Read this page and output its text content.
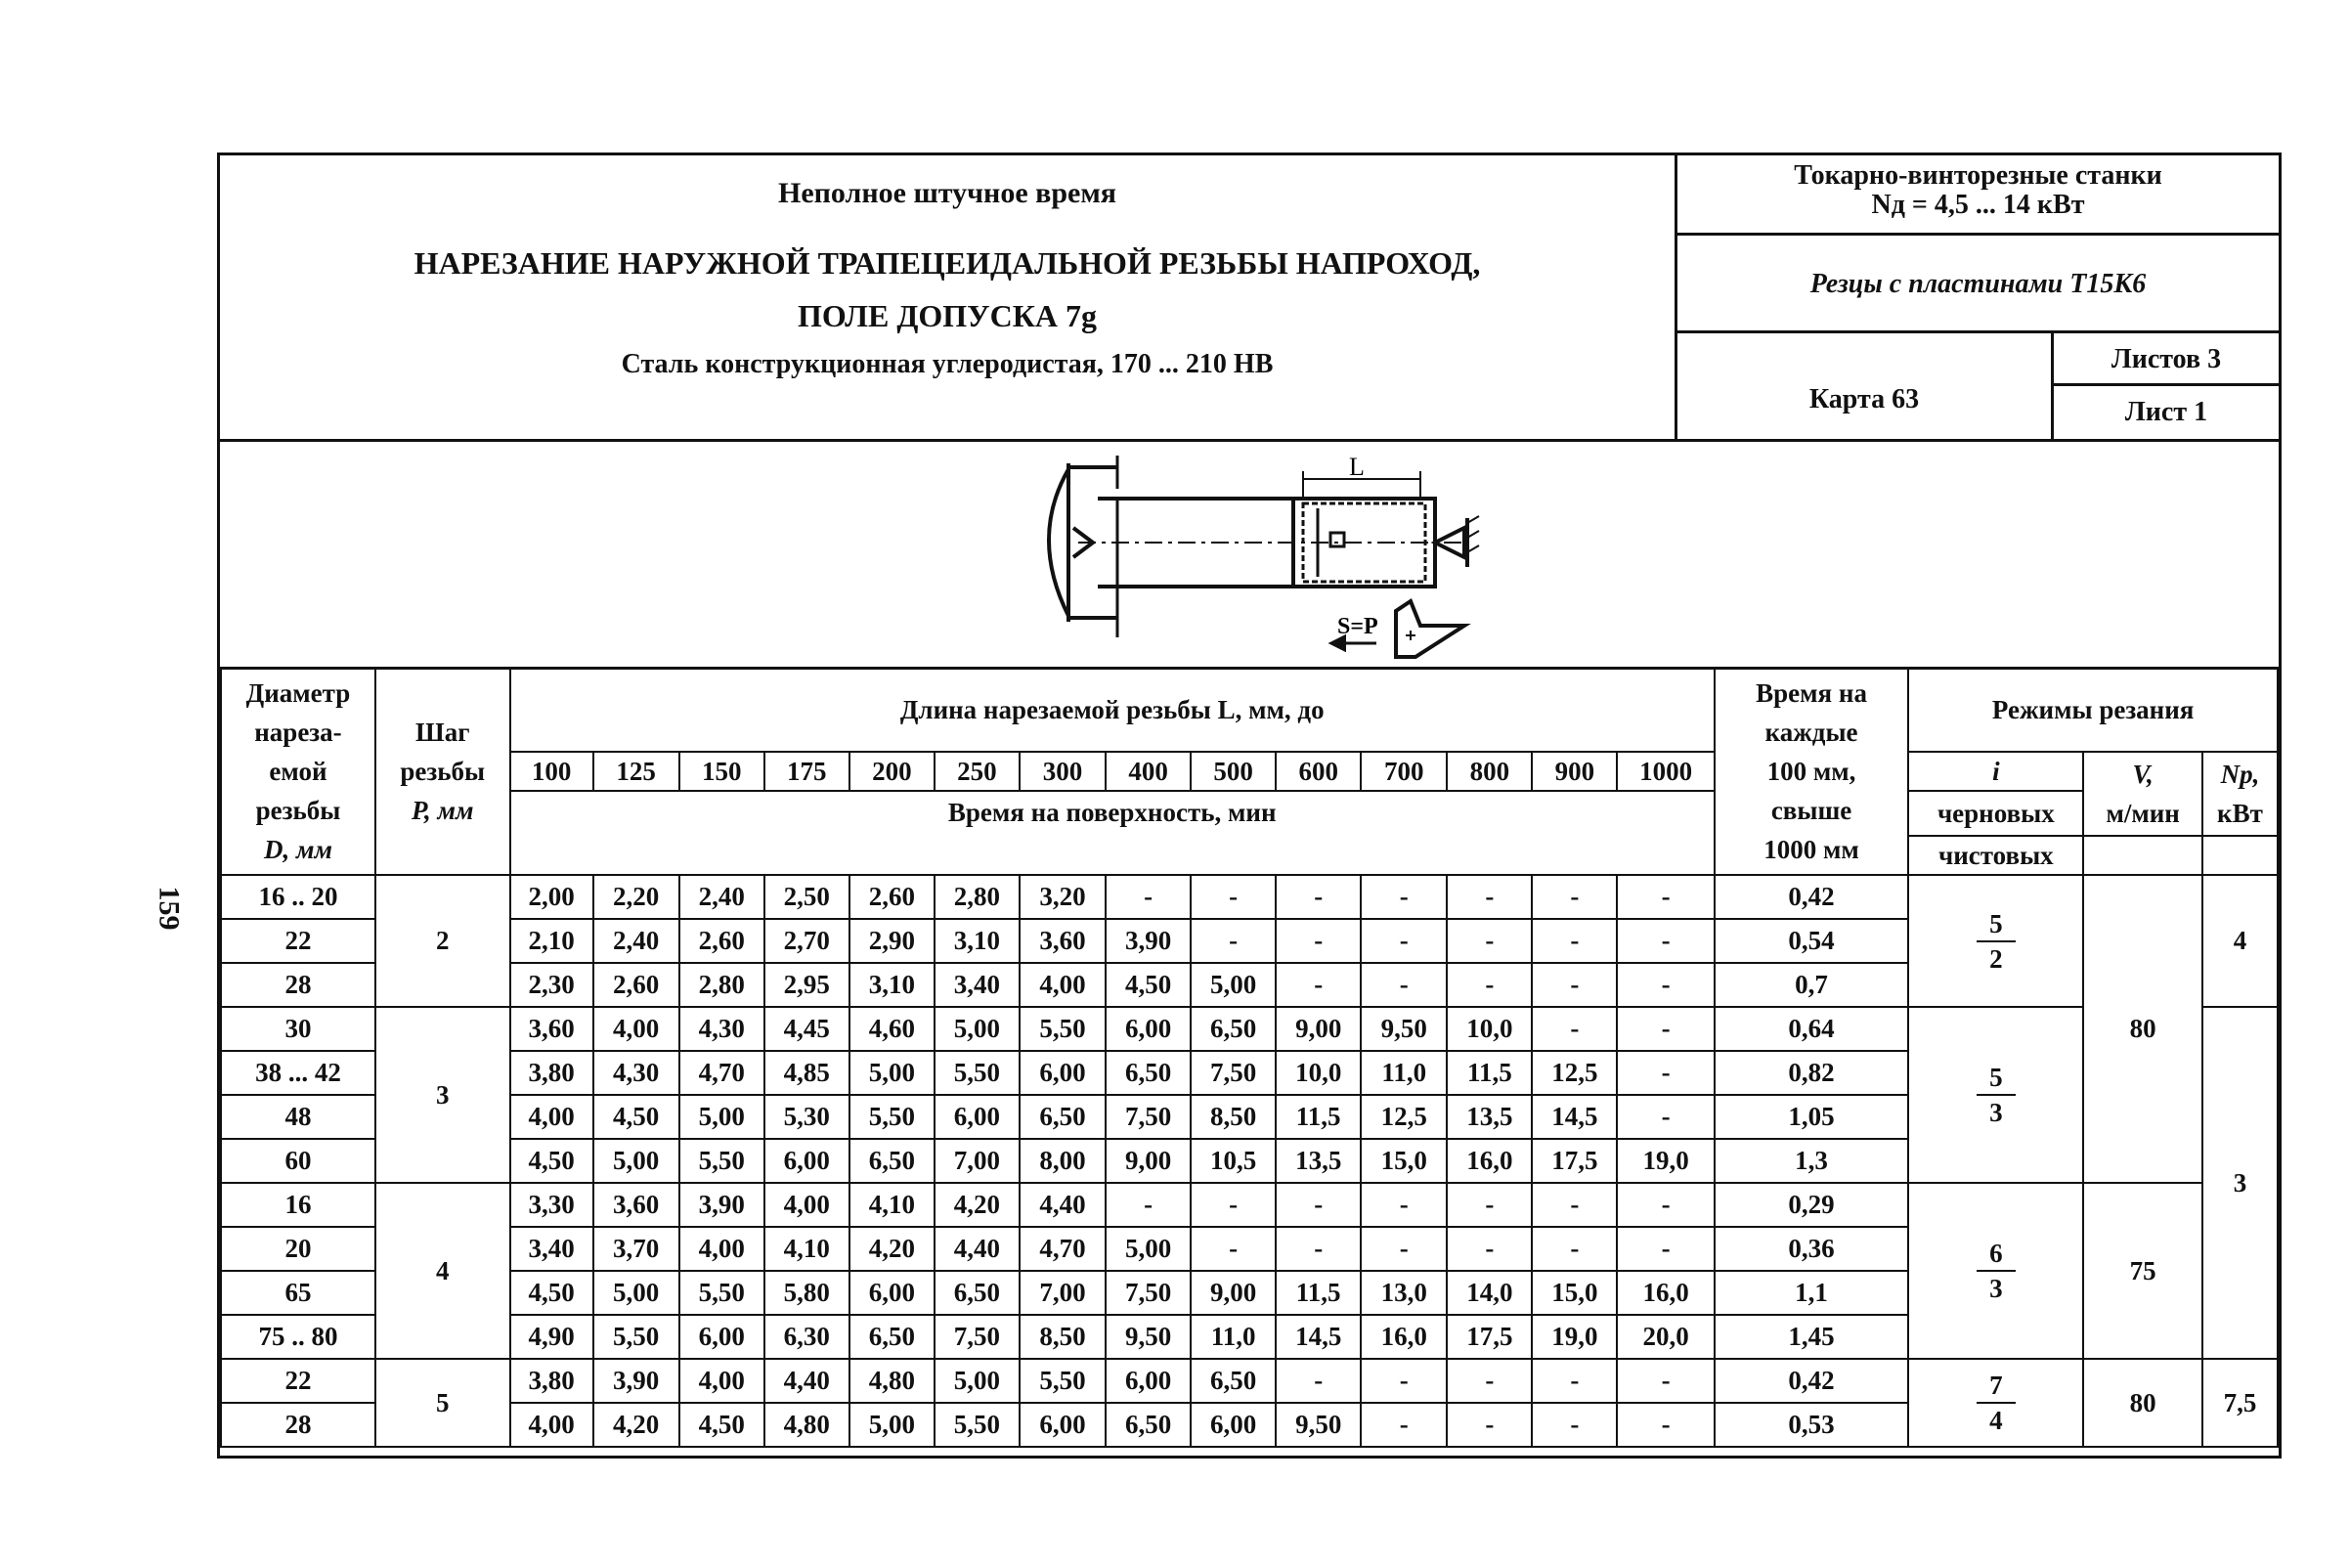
159
Неполное штучное время
НАРЕЗАНИЕ НАРУЖНОЙ ТРАПЕЦЕИДАЛЬНОЙ РЕЗЬБЫ НАПРОХОД,
ПОЛЕ ДОПУСКА 7g
Сталь конструкционная углеродистая, 170 ... 210 НВ
Токарно-винторезные станки
Nд = 4,5 ... 14 кВт
Резцы с пластинами Т15К6
Карта 63
Листов 3
Лист 1
L
S=P
Диаметр
нареза-
емой
резьбы
D, мм	Шаг
резьбы
P, мм	Длина нарезаемой резьбы L, мм, до														Время на
каждые
100 мм,
свыше
1000 мм	Режимы резания		
		100	125	150	175	200	250	300	400	500	600	700	800	900	1000		i	V,
м/мин	Nр,
кВт
		Время на поверхность, мин															черновых		
																	чистовых		
16 .. 20	2	2,00	2,20	2,40	2,50	2,60	2,80	3,20	-	-	-	-	-	-	-	0,42	$\frac{5}{2}$	80	4
22		2,10	2,40	2,60	2,70	2,90	3,10	3,60	3,90	-	-	-	-	-	-	0,54			
28		2,30	2,60	2,80	2,95	3,10	3,40	4,00	4,50	5,00	-	-	-	-	-	0,7			
30	3	3,60	4,00	4,30	4,45	4,60	5,00	5,50	6,00	6,50	9,00	9,50	10,0	-	-	0,64	$\frac{5}{3}$		3
38 ... 42		3,80	4,30	4,70	4,85	5,00	5,50	6,00	6,50	7,50	10,0	11,0	11,5	12,5	-	0,82			
48		4,00	4,50	5,00	5,30	5,50	6,00	6,50	7,50	8,50	11,5	12,5	13,5	14,5	-	1,05			
60		4,50	5,00	5,50	6,00	6,50	7,00	8,00	9,00	10,5	13,5	15,0	16,0	17,5	19,0	1,3			
16	4	3,30	3,60	3,90	4,00	4,10	4,20	4,40	-	-	-	-	-	-	-	0,29	$\frac{6}{3}$	75	
20		3,40	3,70	4,00	4,10	4,20	4,40	4,70	5,00	-	-	-	-	-	-	0,36			
65		4,50	5,00	5,50	5,80	6,00	6,50	7,00	7,50	9,00	11,5	13,0	14,0	15,0	16,0	1,1			
75 .. 80		4,90	5,50	6,00	6,30	6,50	7,50	8,50	9,50	11,0	14,5	16,0	17,5	19,0	20,0	1,45			
22	5	3,80	3,90	4,00	4,40	4,80	5,00	5,50	6,00	6,50	-	-	-	-	-	0,42	$\frac{7}{4}$	80	7,5
28		4,00	4,20	4,50	4,80	5,00	5,50	6,00	6,50	6,00	9,50	-	-	-	-	0,53			
